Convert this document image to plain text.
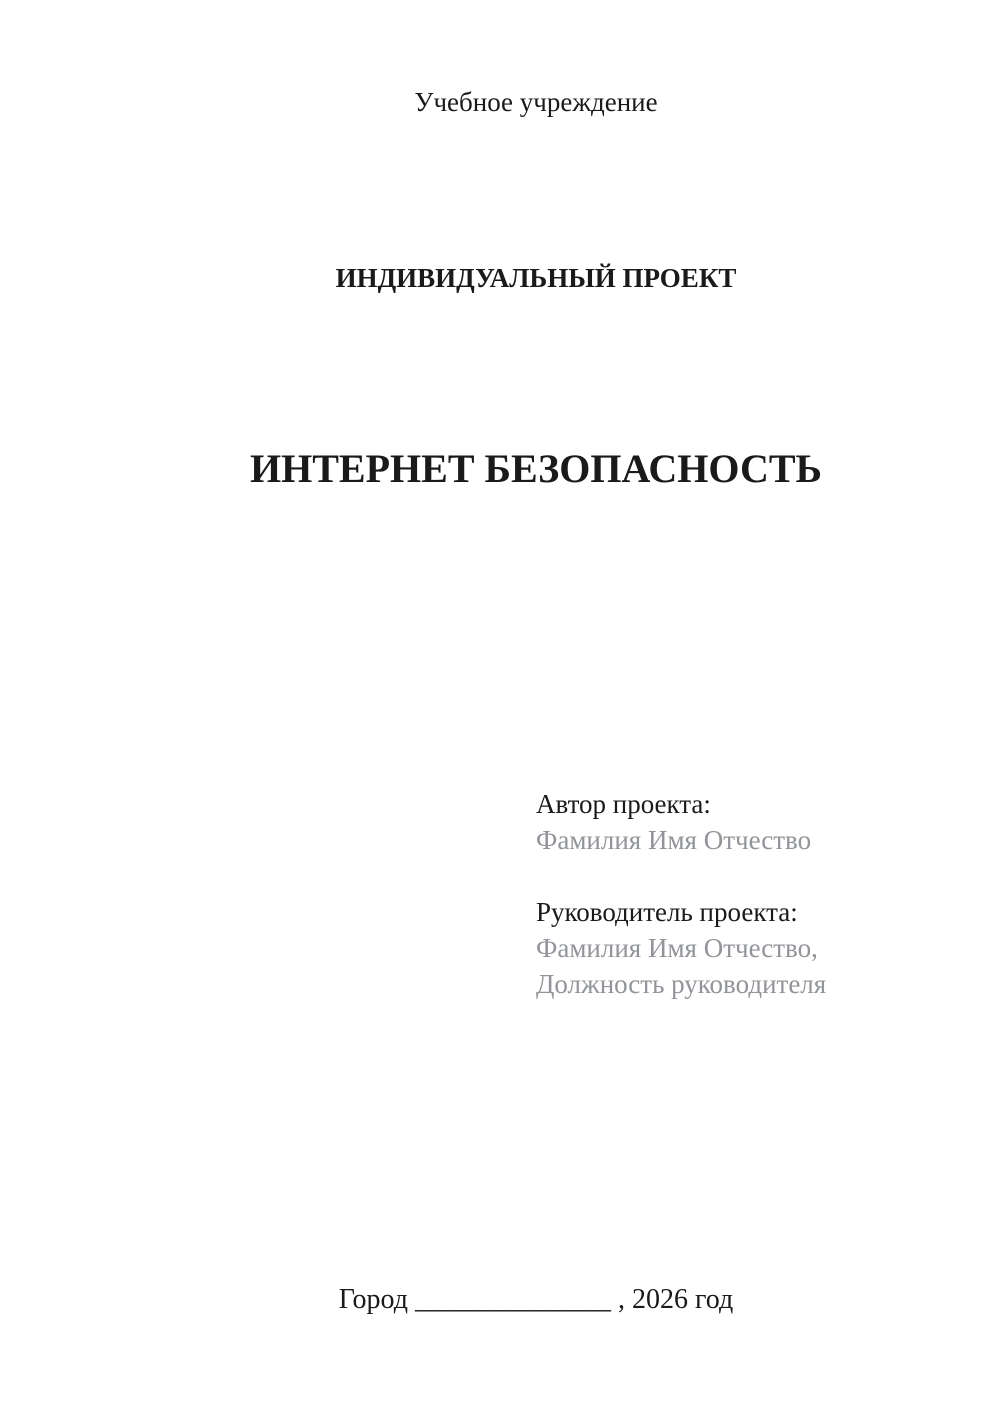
Учебное учреждение
ИНДИВИДУАЛЬНЫЙ ПРОЕКТ
ИНТЕРНЕТ БЕЗОПАСНОСТЬ
Автор проекта:
Фамилия Имя Отчество
Руководитель проекта:
Фамилия Имя Отчество,
Должность руководителя
Город ______________ , 2026 год
